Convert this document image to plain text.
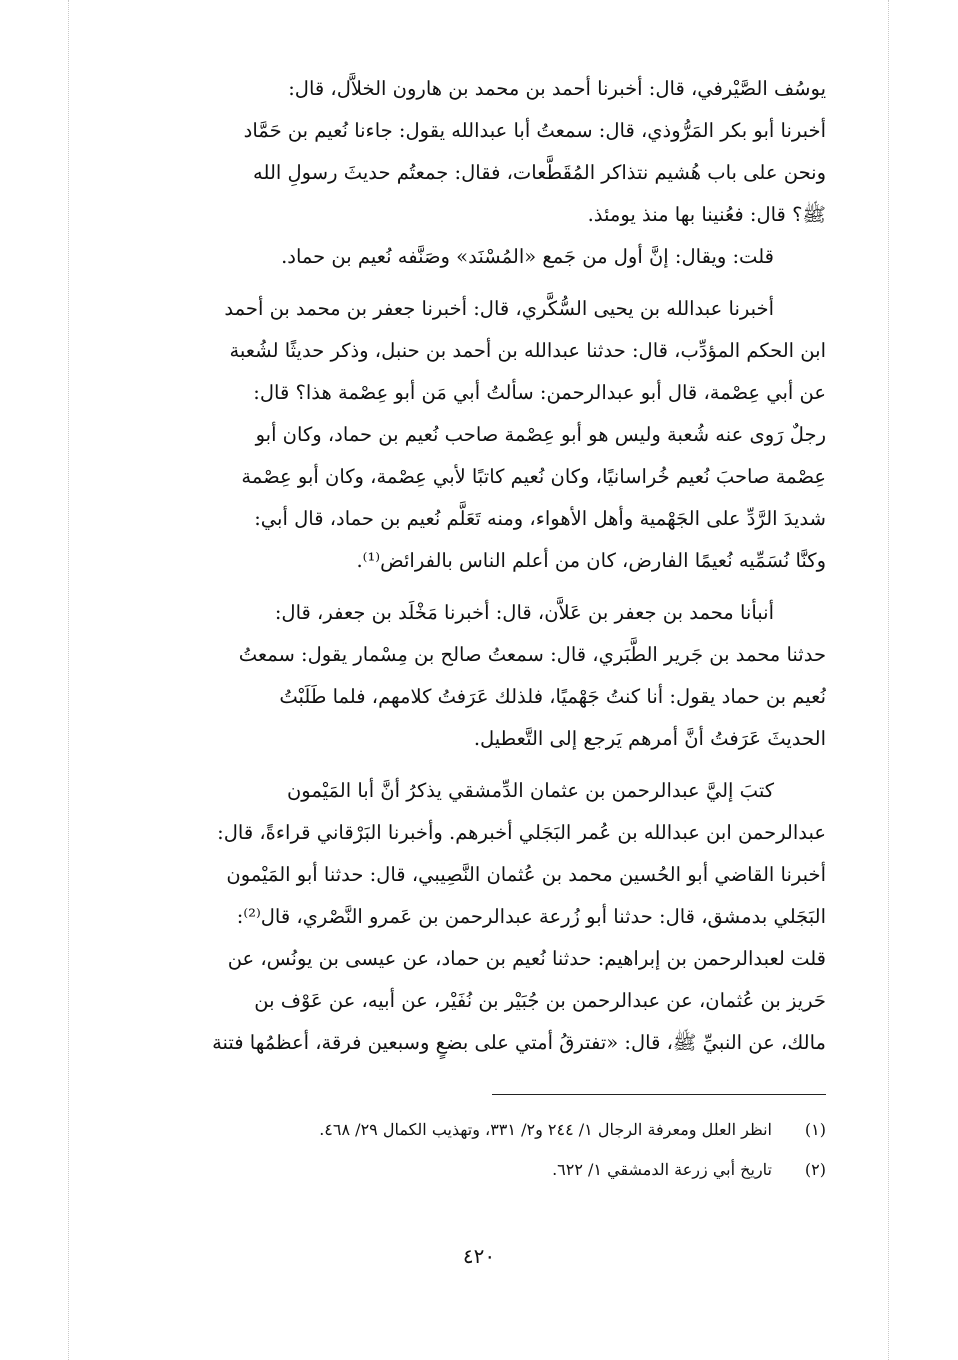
يوسُف الصَّيْرفي، قال: أخبرنا أحمد بن محمد بن هارون الخلاَّل، قال:
أخبرنا أبو بكر المَرُّوذي، قال: سمعتُ أبا عبدالله يقول: جاءنا نُعيم بن حَمَّاد
ونحن على باب هُشيم نتذاكر المُقَطَّعات، فقال: جمعتُم حديثَ رسولِ الله
ﷺ؟ قال: فعُنينا بها منذ يومئذ.
قلت: ويقال: إنَّ أول من جَمع «المُسْنَد» وصَنَّفه نُعيم بن حماد.
أخبرنا عبدالله بن يحيى السُّكَّري، قال: أخبرنا جعفر بن محمد بن أحمد
ابن الحكم المؤدِّب، قال: حدثنا عبدالله بن أحمد بن حنبل، وذكر حديثًا لشُعبة
عن أبي عِصْمة، قال أبو عبدالرحمن: سألتُ أبي مَن أبو عِصْمة هذا؟ قال:
رجلٌ رَوى عنه شُعبة وليس هو أبو عِصْمة صاحب نُعيم بن حماد، وكان أبو
عِصْمة صاحبَ نُعيم خُراسانيًا، وكان نُعيم كاتبًا لأبي عِصْمة، وكان أبو عِصْمة
شديدَ الرَّدِّ على الجَهْمية وأهل الأهواء، ومنه تَعَلَّم نُعيم بن حماد، قال أبي:
وكنَّا نُسَمِّيه نُعيمًا الفارض، كان من أعلم الناس بالفرائض⁽¹⁾.
أنبأنا محمد بن جعفر بن عَلاَّن، قال: أخبرنا مَخْلَد بن جعفر، قال:
حدثنا محمد بن جَرير الطَّبَري، قال: سمعتُ صالح بن مِسْمار يقول: سمعتُ
نُعيم بن حماد يقول: أنا كنتُ جَهْميًا، فلذلك عَرَفتُ كلامهم، فلما طَلَبْتُ
الحديثَ عَرَفتُ أنَّ أمرهم يَرجع إلى التَّعطيل.
كتبَ إليَّ عبدالرحمن بن عثمان الدِّمشقي يذكرُ أنَّ أبا المَيْمون
عبدالرحمن ابن عبدالله بن عُمر البَجَلي أخبرهم. وأخبرنا البَرْقاني قراءةً، قال:
أخبرنا القاضي أبو الحُسين محمد بن عُثمان النَّصِيبي، قال: حدثنا أبو المَيْمون
البَجَلي بدمشق، قال: حدثنا أبو زُرعة عبدالرحمن بن عَمرو النَّصْري، قال⁽²⁾:
قلت لعبدالرحمن بن إبراهيم: حدثنا نُعيم بن حماد، عن عيسى بن يونُس، عن
حَريز بن عُثمان، عن عبدالرحمن بن جُبَيْر بن نُفَيْر، عن أبيه، عن عَوْف بن
مالك، عن النبيِّ ﷺ، قال: «تفترقُ أمتي على بضعٍ وسبعين فرقة، أعظمُها فتنة
(١)انظر العلل ومعرفة الرجال ١/ ٢٤٤ و٢/ ٣٣١، وتهذيب الكمال ٢٩/ ٤٦٨.
(٢)تاريخ أبي زرعة الدمشقي ١/ ٦٢٢.
٤٢٠
